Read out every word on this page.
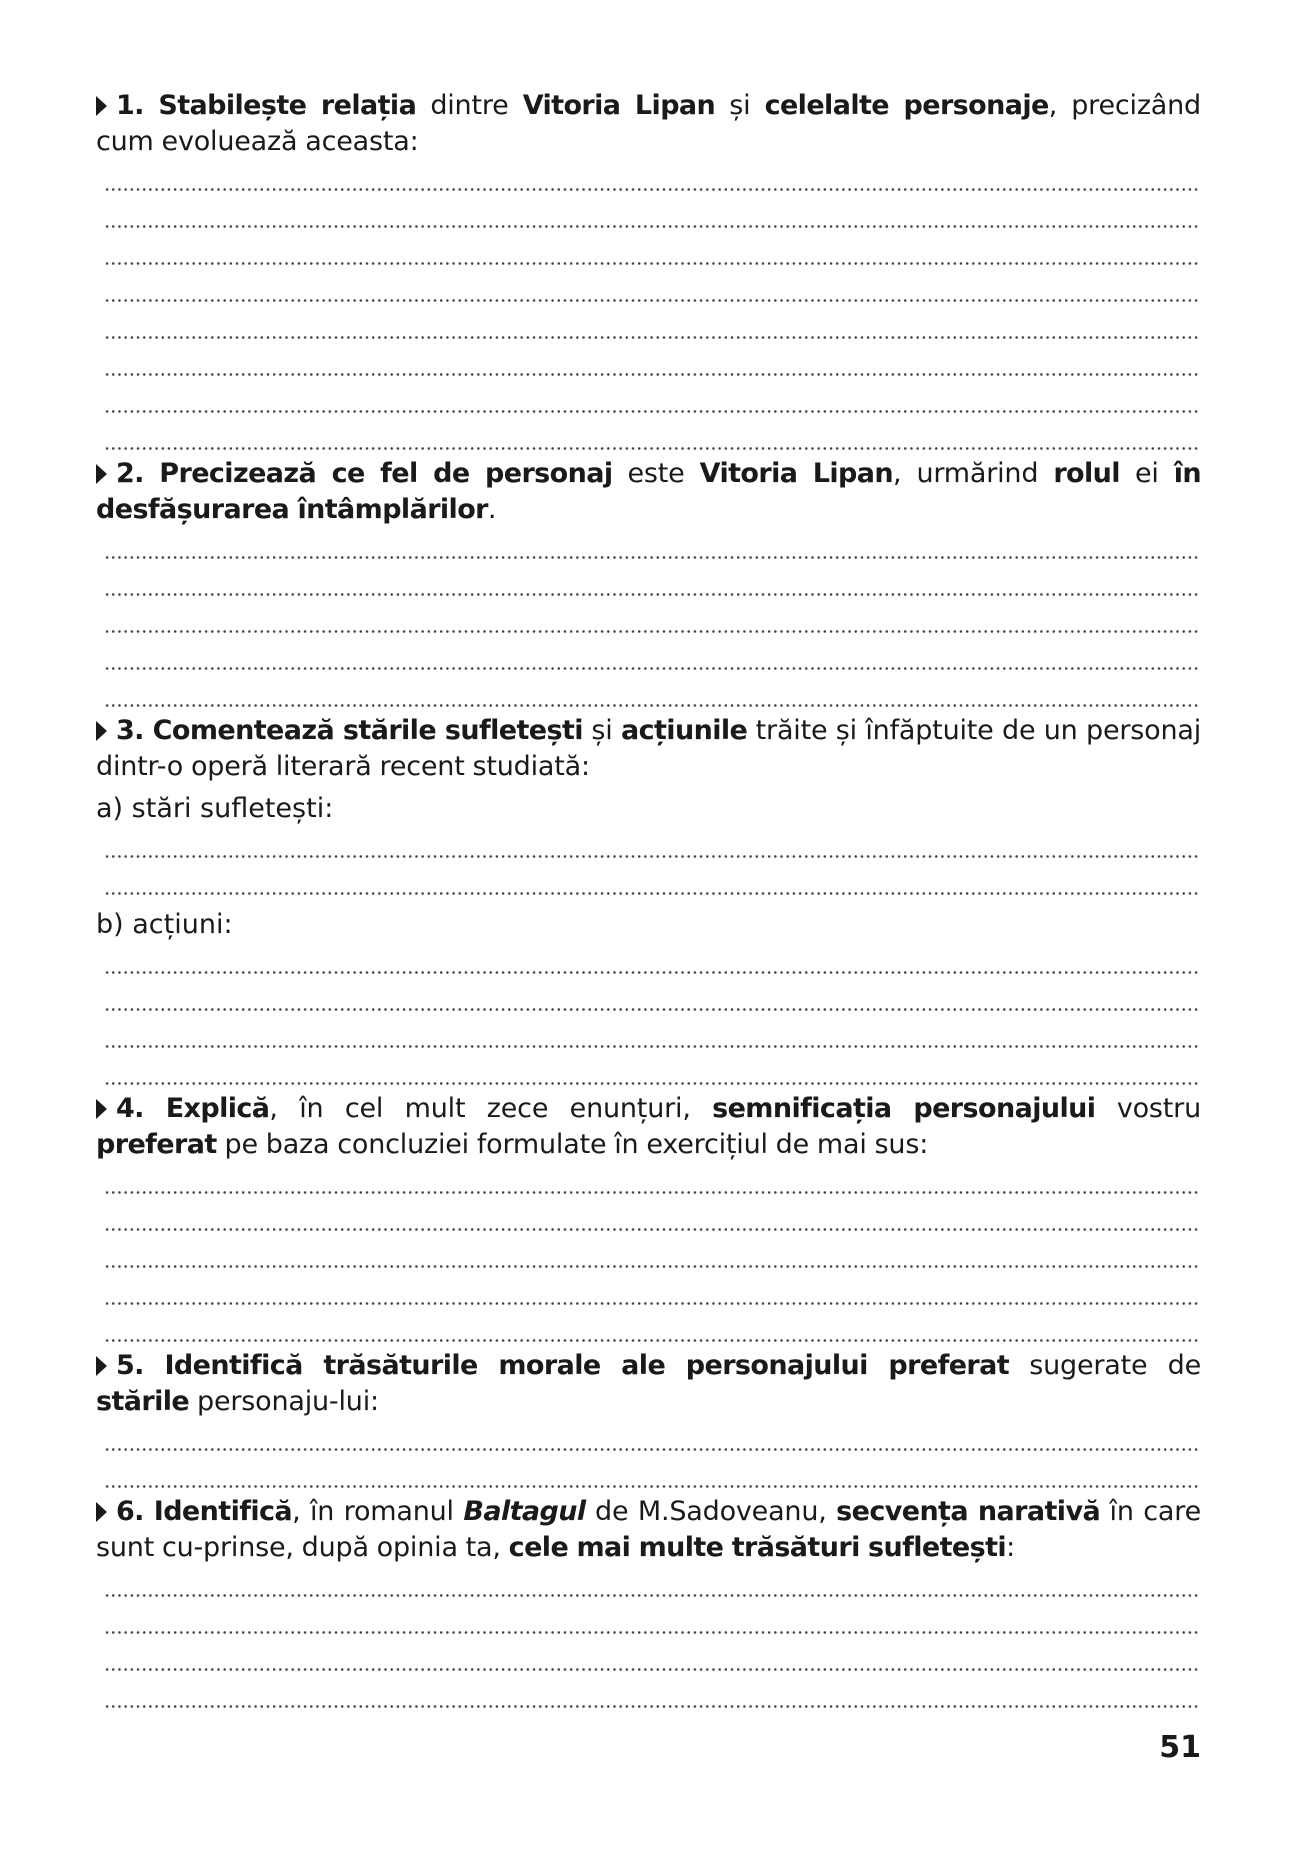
1. Stabilește relația dintre Vitoria Lipan și celelalte personaje, precizând cum evoluează aceasta:
2. Precizează ce fel de personaj este Vitoria Lipan, urmărind rolul ei în desfășurarea întâmplărilor.
3. Comentează stările sufletești și acțiunile trăite și înfăptuite de un personaj dintr-o operă literară recent studiată:
a) stări sufletești:
b) acțiuni:
4. Explică, în cel mult zece enunțuri, semnificația personajului vostru preferat pe baza concluziei formulate în exercițiul de mai sus:
5. Identifică trăsăturile morale ale personajului preferat sugerate de stările personaju-lui:
6. Identifică, în romanul Baltagul de M.Sadoveanu, secvența narativă în care sunt cu-prinse, după opinia ta, cele mai multe trăsături sufletești:
51
